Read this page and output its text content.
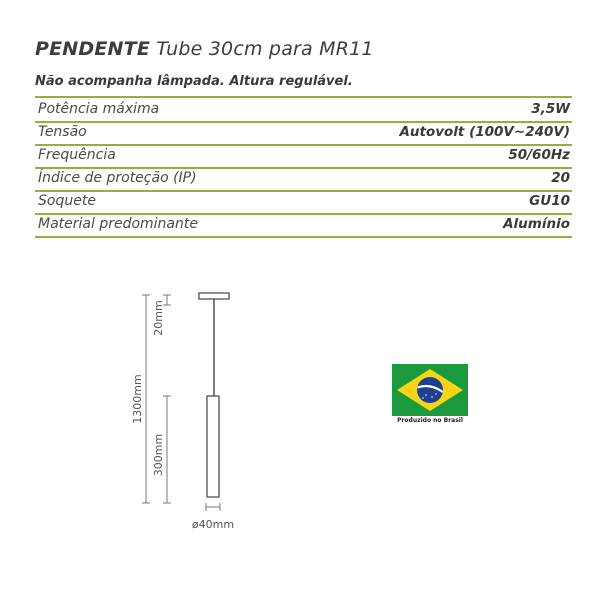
PENDENTE Tube 30cm para MR11
Não acompanha lâmpada. Altura regulável.
Potência máxima	3,5W
Tensão	Autovolt (100V~240V)
Frequência	50/60Hz
Índice de proteção (IP)	20
Soquete	GU10
Material predominante	Alumínio
1300mm
20mm
300mm
ø40mm
Produzido no Brasil
